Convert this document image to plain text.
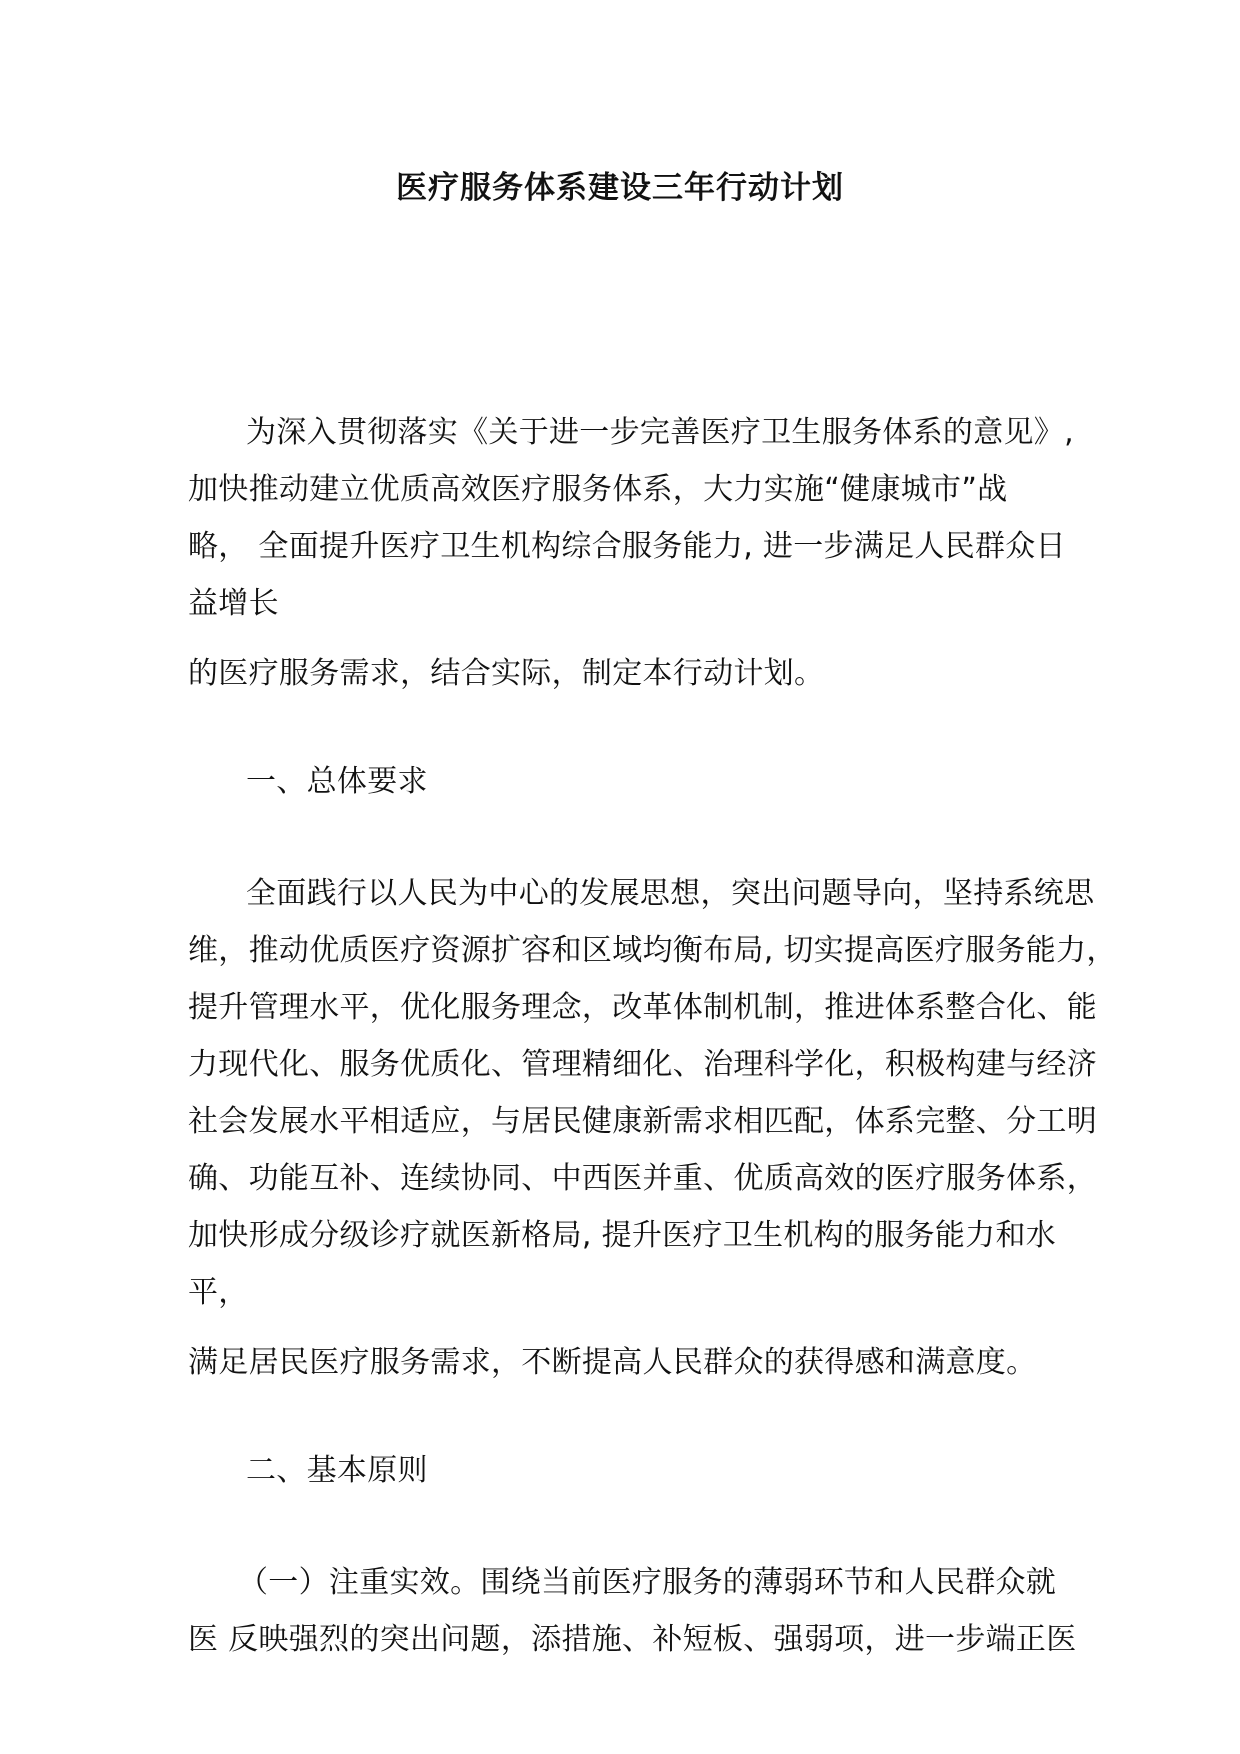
医疗服务体系建设三年行动计划
为深入贯彻落实《关于进一步完善医疗卫生服务体系的意见》,
加快推动建立优质高效医疗服务体系，大力实施“健康城市”战
略， 全面提升医疗卫生机构综合服务能力, 进一步满足人民群众日
益增长
的医疗服务需求，结合实际，制定本行动计划。
一、总体要求
全面践行以人民为中心的发展思想，突出问题导向，坚持系统思
维，推动优质医疗资源扩容和区域均衡布局, 切实提高医疗服务能力，
提升管理水平，优化服务理念，改革体制机制，推进体系整合化、能
力现代化、服务优质化、管理精细化、治理科学化，积极构建与经济
社会发展水平相适应，与居民健康新需求相匹配，体系完整、分工明
确、功能互补、连续协同、中西医并重、优质高效的医疗服务体系，
加快形成分级诊疗就医新格局, 提升医疗卫生机构的服务能力和水
平，
满足居民医疗服务需求，不断提高人民群众的获得感和满意度。
二、基本原则
（一）注重实效。围绕当前医疗服务的薄弱环节和人民群众就
医 反映强烈的突出问题，添措施、补短板、强弱项，进一步端正医
